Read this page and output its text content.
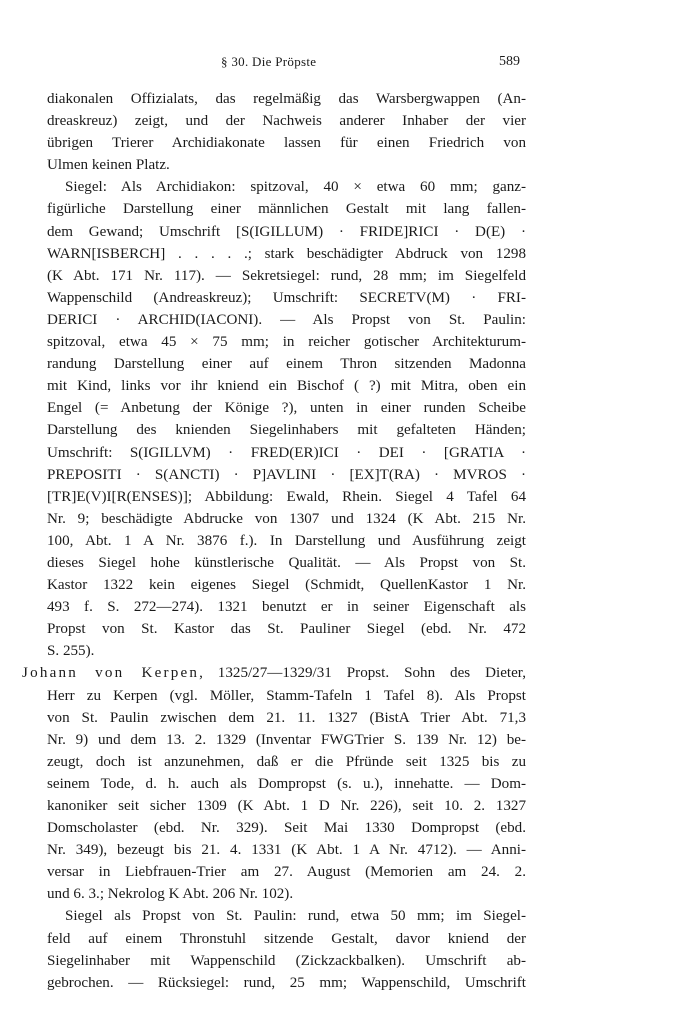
§ 30. Die Pröpste	589
diakonalen Offizialats, das regelmäßig das Warsbergwappen (An-
dreaskreuz) zeigt, und der Nachweis anderer Inhaber der vier
übrigen Trierer Archidiakonate lassen für einen Friedrich von
Ulmen keinen Platz.
Siegel: Als Archidiakon: spitzoval, 40 × etwa 60 mm; ganz-
figürliche Darstellung einer männlichen Gestalt mit lang fallen-
dem Gewand; Umschrift [S(IGILLUM) · FRIDE]RICI · D(E) ·
WARN[ISBERCH] . . . . .; stark beschädigter Abdruck von 1298
(K Abt. 171 Nr. 117). — Sekretsiegel: rund, 28 mm; im Siegelfeld
Wappenschild (Andreaskreuz); Umschrift: SECRETV(M) · FRI-
DERICI · ARCHID(IACONI). — Als Propst von St. Paulin:
spitzoval, etwa 45 × 75 mm; in reicher gotischer Architekturum-
randung Darstellung einer auf einem Thron sitzenden Madonna
mit Kind, links vor ihr kniend ein Bischof ( ?) mit Mitra, oben ein
Engel (= Anbetung der Könige ?), unten in einer runden Scheibe
Darstellung des knienden Siegelinhabers mit gefalteten Händen;
Umschrift: S(IGILLVM) · FRED(ER)ICI · DEI · [GRATIA ·
PREPOSITI · S(ANCTI) · P]AVLINI · [EX]T(RA) · MVROS ·
[TR]E(V)I[R(ENSES)]; Abbildung: Ewald, Rhein. Siegel 4 Tafel 64
Nr. 9; beschädigte Abdrucke von 1307 und 1324 (K Abt. 215 Nr.
100, Abt. 1 A Nr. 3876 f.). In Darstellung und Ausführung zeigt
dieses Siegel hohe künstlerische Qualität. — Als Propst von St.
Kastor 1322 kein eigenes Siegel (Schmidt, QuellenKastor 1 Nr.
493 f. S. 272—274). 1321 benutzt er in seiner Eigenschaft als
Propst von St. Kastor das St. Pauliner Siegel (ebd. Nr. 472
S. 255).
Johann von Kerpen, 1325/27—1329/31 Propst. Sohn des Dieter,
Herr zu Kerpen (vgl. Möller, Stamm-Tafeln 1 Tafel 8). Als Propst
von St. Paulin zwischen dem 21. 11. 1327 (BistA Trier Abt. 71,3
Nr. 9) und dem 13. 2. 1329 (Inventar FWGTrier S. 139 Nr. 12) be-
zeugt, doch ist anzunehmen, daß er die Pfründe seit 1325 bis zu
seinem Tode, d. h. auch als Dompropst (s. u.), innehatte. — Dom-
kanoniker seit sicher 1309 (K Abt. 1 D Nr. 226), seit 10. 2. 1327
Domscholaster (ebd. Nr. 329). Seit Mai 1330 Dompropst (ebd.
Nr. 349), bezeugt bis 21. 4. 1331 (K Abt. 1 A Nr. 4712). — Anni-
versar in Liebfrauen-Trier am 27. August (Memorien am 24. 2.
und 6. 3.; Nekrolog K Abt. 206 Nr. 102).
Siegel als Propst von St. Paulin: rund, etwa 50 mm; im Siegel-
feld auf einem Thronstuhl sitzende Gestalt, davor kniend der
Siegelinhaber mit Wappenschild (Zickzackbalken). Umschrift ab-
gebrochen. — Rücksiegel: rund, 25 mm; Wappenschild, Umschrift
